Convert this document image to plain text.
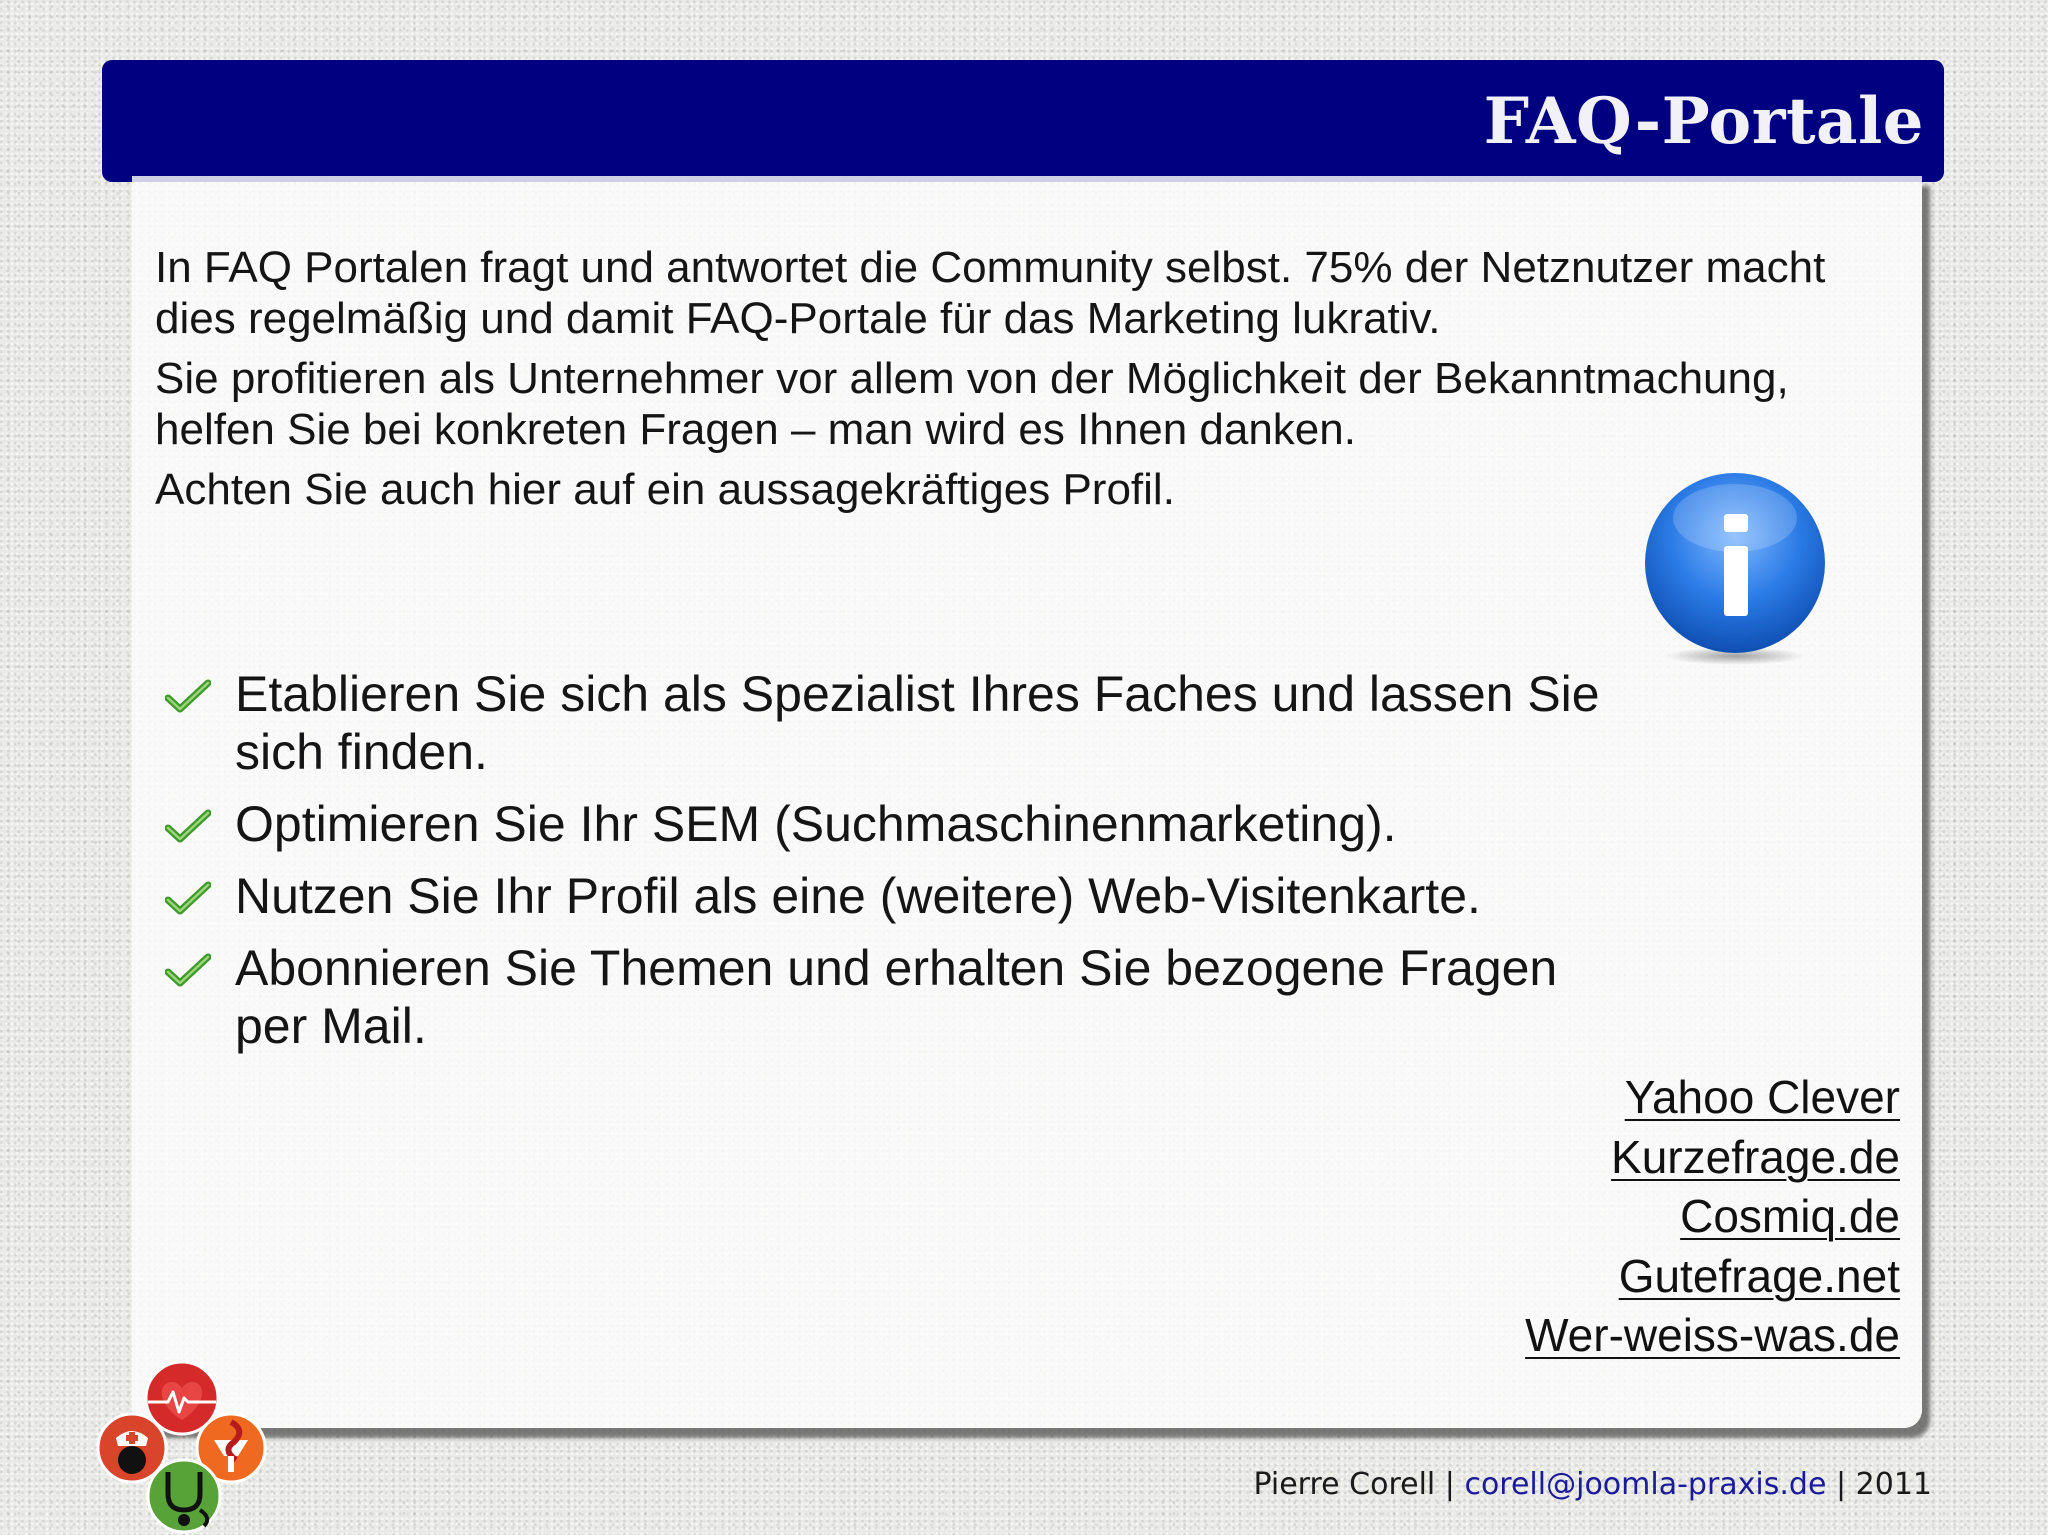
FAQ-Portale

In FAQ Portalen fragt und antwortet die Community selbst. 75% der Netznutzer macht dies regelmäßig und damit FAQ-Portale für das Marketing lukrativ.

Sie profitieren als Unternehmer vor allem von der Möglichkeit der Bekanntmachung, helfen Sie bei konkreten Fragen – man wird es Ihnen danken.

Achten Sie auch hier auf ein aussagekräftiges Profil.

Etablieren Sie sich als Spezialist Ihres Faches und lassen Sie sich finden.
Optimieren Sie Ihr SEM (Suchmaschinenmarketing).
Nutzen Sie Ihr Profil als eine (weitere) Web-Visitenkarte.
Abonnieren Sie Themen und erhalten Sie bezogene Fragen per Mail.
Yahoo Clever
Kurzefrage.de
Cosmiq.de
Gutefrage.net
Wer-weiss-was.de
Pierre Corell | corell@joomla-praxis.de | 2011
